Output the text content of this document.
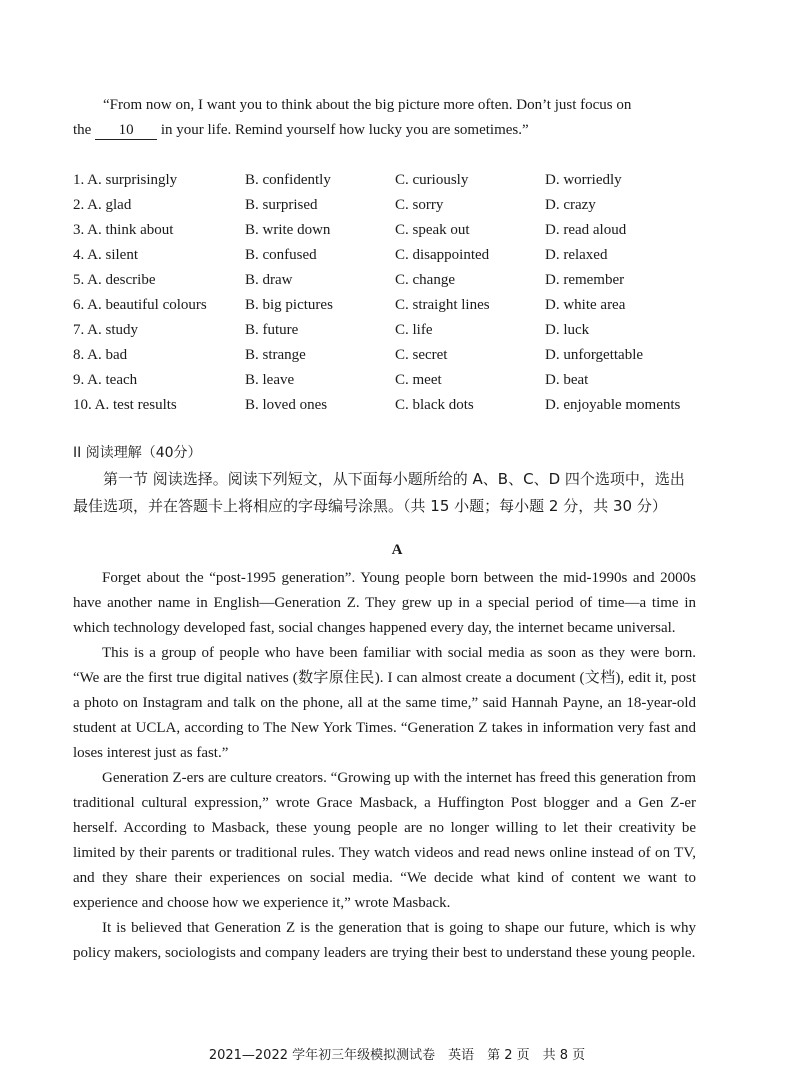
“From now on, I want you to think about the big picture more often. Don’t just focus on

the 10 in your life. Remind yourself how lucky you are sometimes.”
1. A. surprisingly	B. confidently	C. curiously	D. worriedly
2. A. glad	B. surprised	C. sorry	D. crazy
3. A. think about	B. write down	C. speak out	D. read aloud
4. A. silent	B. confused	C. disappointed	D. relaxed
5. A. describe	B. draw	C. change	D. remember
6. A. beautiful colours	B. big pictures	C. straight lines	D. white area
7. A. study	B. future	C. life	D. luck
8. A. bad	B. strange	C. secret	D. unforgettable
9. A. teach	B. leave	C. meet	D. beat
10. A. test results	B. loved ones	C. black dots	D. enjoyable moments
II 阅读理解（40分）

第一节 阅读选择。阅读下列短文，从下面每小题所给的 A、B、C、D 四个选项中，选出最佳选项，并在答题卡上将相应的字母编号涂黑。（共 15 小题；每小题 2 分，共 30 分）

A

Forget about the “post-1995 generation”. Young people born between the mid-1990s and 2000s have another name in English—Generation Z. They grew up in a special period of time—a time in which technology developed fast, social changes happened every day, the internet became universal.

This is a group of people who have been familiar with social media as soon as they were born. “We are the first true digital natives (数字原住民). I can almost create a document (文档), edit it, post a photo on Instagram and talk on the phone, all at the same time,” said Hannah Payne, an 18-year-old student at UCLA, according to The New York Times. “Generation Z takes in information very fast and loses interest just as fast.”

Generation Z-ers are culture creators. “Growing up with the internet has freed this generation from traditional cultural expression,” wrote Grace Masback, a Huffington Post blogger and a Gen Z-er herself. According to Masback, these young people are no longer willing to let their creativity be limited by their parents or traditional rules. They watch videos and read news online instead of on TV, and they share their experiences on social media. “We decide what kind of content we want to experience and choose how we experience it,” wrote Masback.

It is believed that Generation Z is the generation that is going to shape our future, which is why policy makers, sociologists and company leaders are trying their best to understand these young people.

2021—2022 学年初三年级模拟测试卷　英语　第 2 页　共 8 页
